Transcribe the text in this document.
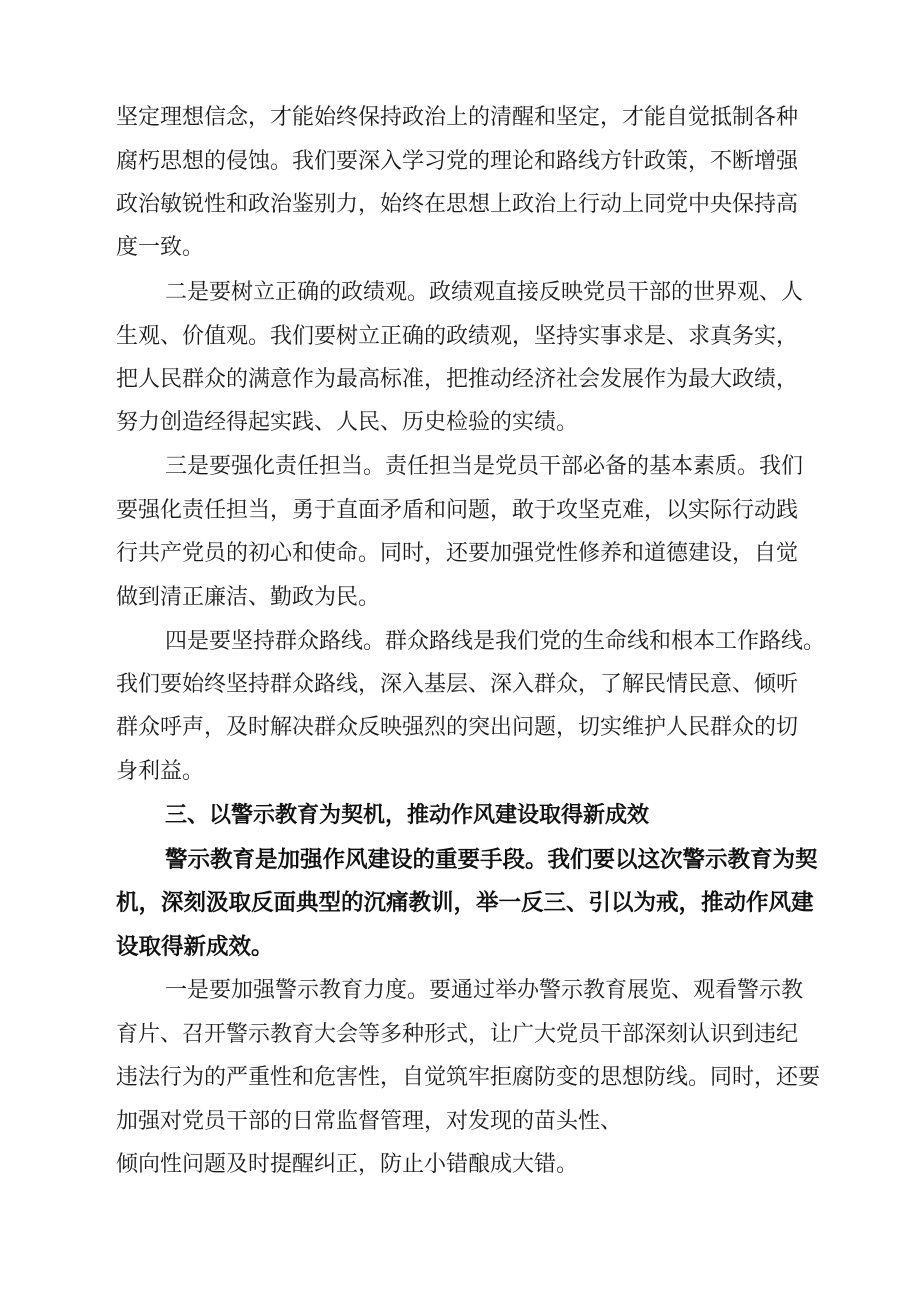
坚定理想信念，才能始终保持政治上的清醒和坚定，才能自觉抵制各种

腐朽思想的侵蚀。我们要深入学习党的理论和路线方针政策，不断增强

政治敏锐性和政治鉴别力，始终在思想上政治上行动上同党中央保持高

度一致。

二是要树立正确的政绩观。政绩观直接反映党员干部的世界观、人

生观、价值观。我们要树立正确的政绩观，坚持实事求是、求真务实，

把人民群众的满意作为最高标准，把推动经济社会发展作为最大政绩，

努力创造经得起实践、人民、历史检验的实绩。

三是要强化责任担当。责任担当是党员干部必备的基本素质。我们

要强化责任担当，勇于直面矛盾和问题，敢于攻坚克难，以实际行动践

行共产党员的初心和使命。同时，还要加强党性修养和道德建设，自觉

做到清正廉洁、勤政为民。

四是要坚持群众路线。群众路线是我们党的生命线和根本工作路线。

我们要始终坚持群众路线，深入基层、深入群众，了解民情民意、倾听

群众呼声，及时解决群众反映强烈的突出问题，切实维护人民群众的切

身利益。

三、以警示教育为契机，推动作风建设取得新成效

警示教育是加强作风建设的重要手段。我们要以这次警示教育为契

机，深刻汲取反面典型的沉痛教训，举一反三、引以为戒，推动作风建

设取得新成效。

一是要加强警示教育力度。要通过举办警示教育展览、观看警示教

育片、召开警示教育大会等多种形式，让广大党员干部深刻认识到违纪

违法行为的严重性和危害性，自觉筑牢拒腐防变的思想防线。同时，还要

加强对党员干部的日常监督管理，对发现的苗头性、

倾向性问题及时提醒纠正，防止小错酿成大错。
